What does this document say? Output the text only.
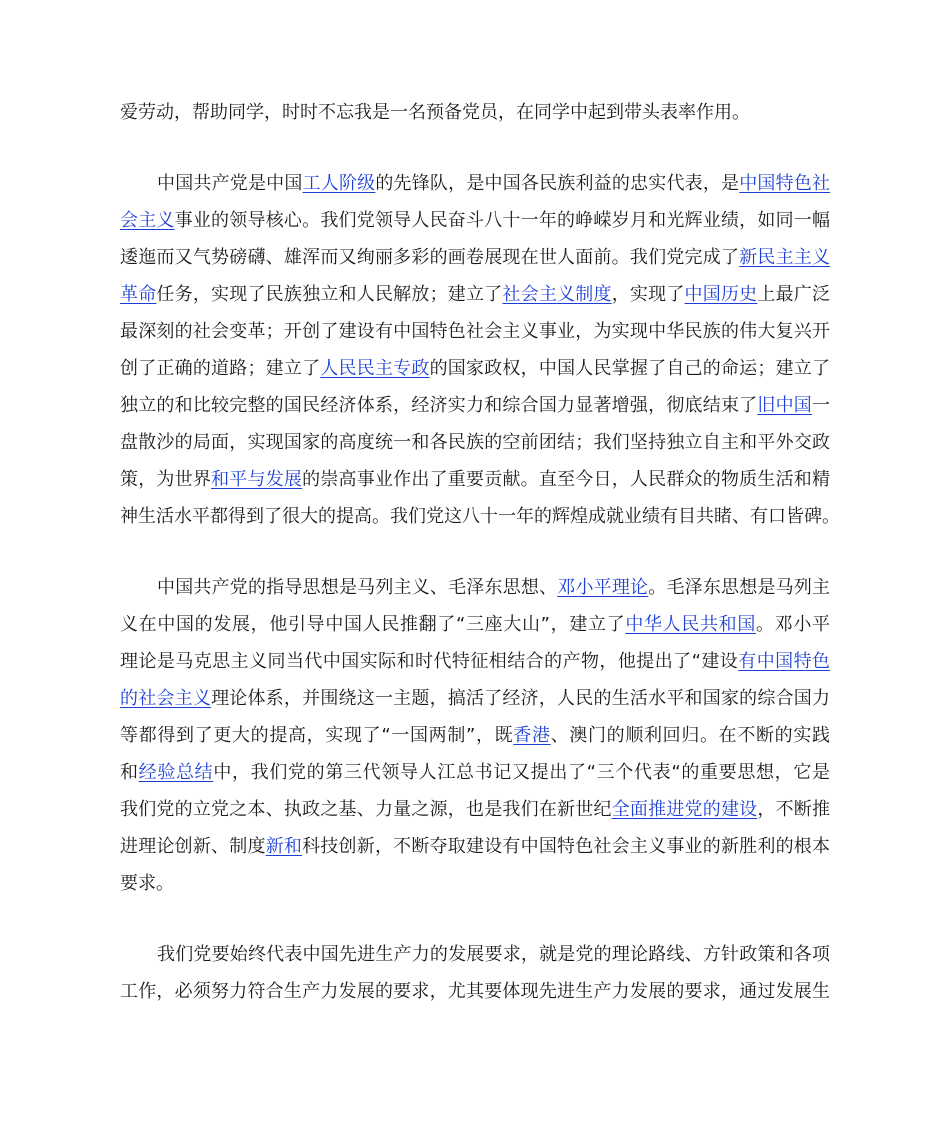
爱劳动，帮助同学，时时不忘我是一名预备党员，在同学中起到带头表率作用。
中国共产党是中国工人阶级的先锋队，是中国各民族利益的忠实代表，是中国特色社
会主义事业的领导核心。我们党领导人民奋斗八十一年的峥嵘岁月和光辉业绩，如同一幅
逶迤而又气势磅礴、雄浑而又绚丽多彩的画卷展现在世人面前。我们党完成了新民主主义
革命任务，实现了民族独立和人民解放；建立了社会主义制度，实现了中国历史上最广泛
最深刻的社会变革；开创了建设有中国特色社会主义事业，为实现中华民族的伟大复兴开
创了正确的道路；建立了人民民主专政的国家政权，中国人民掌握了自己的命运；建立了
独立的和比较完整的国民经济体系，经济实力和综合国力显著增强，彻底结束了旧中国一
盘散沙的局面，实现国家的高度统一和各民族的空前团结；我们坚持独立自主和平外交政
策，为世界和平与发展的崇高事业作出了重要贡献。直至今日，人民群众的物质生活和精
神生活水平都得到了很大的提高。我们党这八十一年的辉煌成就业绩有目共睹、有口皆碑。
中国共产党的指导思想是马列主义、毛泽东思想、邓小平理论。毛泽东思想是马列主
义在中国的发展，他引导中国人民推翻了“三座大山”，建立了中华人民共和国。邓小平
理论是马克思主义同当代中国实际和时代特征相结合的产物，他提出了“建设有中国特色
的社会主义理论体系，并围绕这一主题，搞活了经济，人民的生活水平和国家的综合国力
等都得到了更大的提高，实现了“一国两制”，既香港、澳门的顺利回归。在不断的实践
和经验总结中，我们党的第三代领导人江总书记又提出了“三个代表“的重要思想，它是
我们党的立党之本、执政之基、力量之源，也是我们在新世纪全面推进党的建设，不断推
进理论创新、制度新和科技创新，不断夺取建设有中国特色社会主义事业的新胜利的根本
要求。
我们党要始终代表中国先进生产力的发展要求，就是党的理论路线、方针政策和各项
工作，必须努力符合生产力发展的要求，尤其要体现先进生产力发展的要求，通过发展生
